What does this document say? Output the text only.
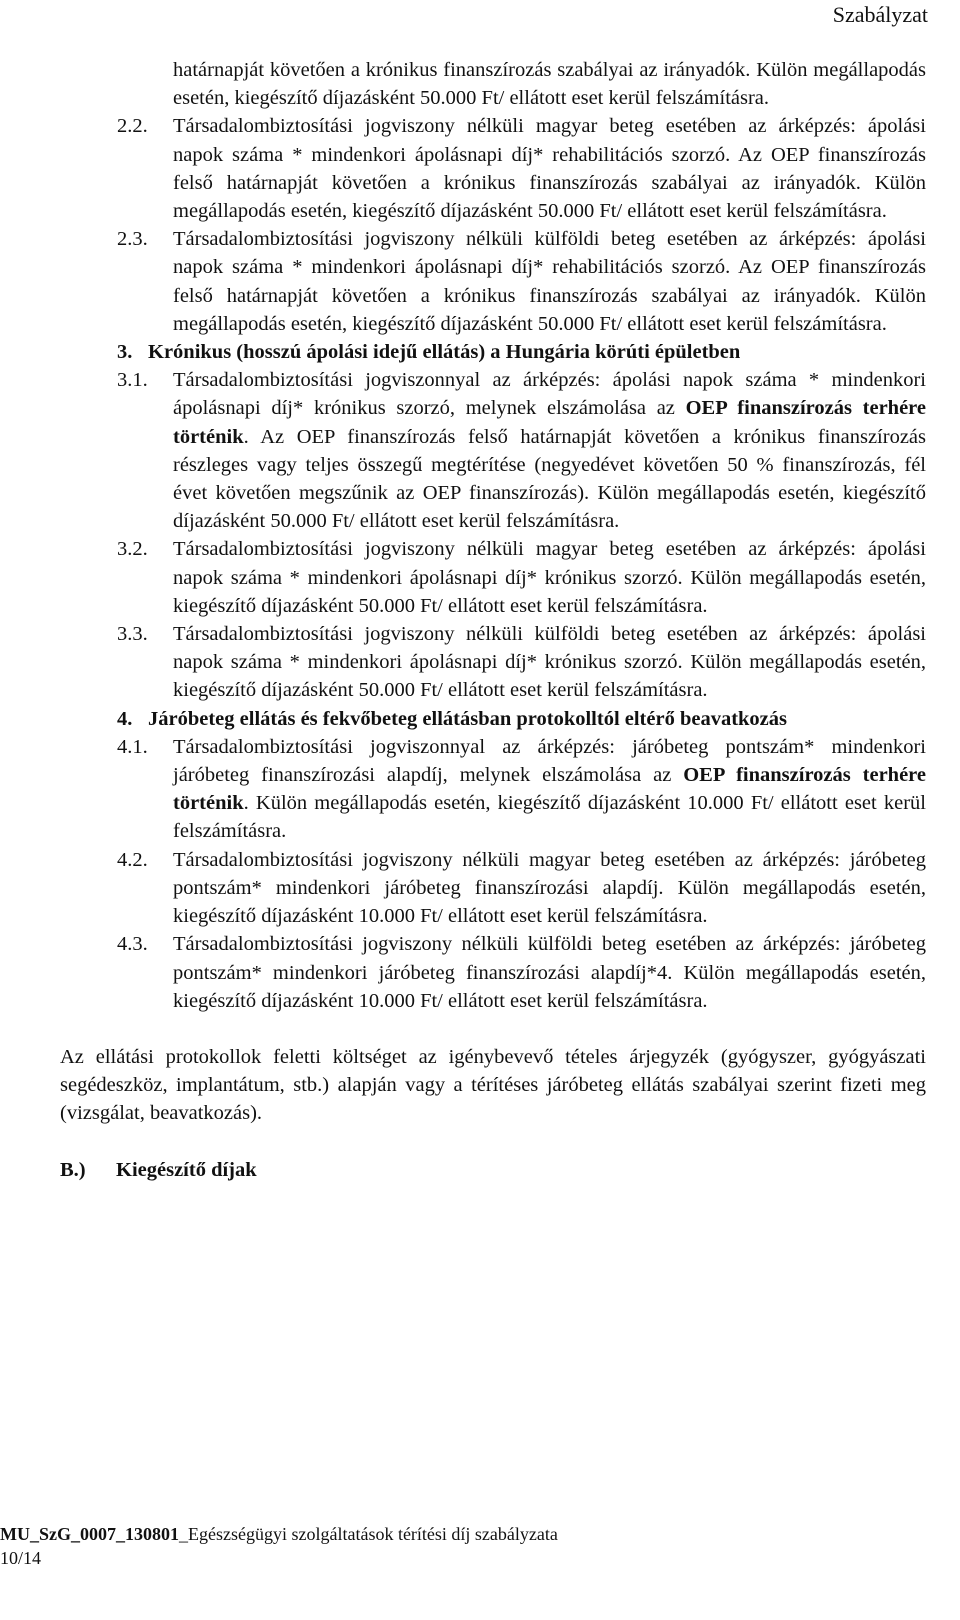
Szabályzat
határnapját követően a krónikus finanszírozás szabályai az irányadók. Külön megállapodás esetén, kiegészítő díjazásként 50.000 Ft/ ellátott eset kerül felszámításra.
2.2. Társadalombiztosítási jogviszony nélküli magyar beteg esetében az árképzés: ápolási napok száma * mindenkori ápolásnapi díj* rehabilitációs szorzó. Az OEP finanszírozás felső határnapját követően a krónikus finanszírozás szabályai az irányadók. Külön megállapodás esetén, kiegészítő díjazásként 50.000 Ft/ ellátott eset kerül felszámításra.
2.3. Társadalombiztosítási jogviszony nélküli külföldi beteg esetében az árképzés: ápolási napok száma * mindenkori ápolásnapi díj* rehabilitációs szorzó. Az OEP finanszírozás felső határnapját követően a krónikus finanszírozás szabályai az irányadók. Külön megállapodás esetén, kiegészítő díjazásként 50.000 Ft/ ellátott eset kerül felszámításra.
3. Krónikus (hosszú ápolási idejű ellátás) a Hungária körúti épületben
3.1. Társadalombiztosítási jogviszonnyal az árképzés: ápolási napok száma * mindenkori ápolásnapi díj* krónikus szorzó, melynek elszámolása az OEP finanszírozás terhére történik. Az OEP finanszírozás felső határnapját követően a krónikus finanszírozás részleges vagy teljes összegű megtérítése (negyedévet követően 50 % finanszírozás, fél évet követően megszűnik az OEP finanszírozás). Külön megállapodás esetén, kiegészítő díjazásként 50.000 Ft/ ellátott eset kerül felszámításra.
3.2. Társadalombiztosítási jogviszony nélküli magyar beteg esetében az árképzés: ápolási napok száma * mindenkori ápolásnapi díj* krónikus szorzó. Külön megállapodás esetén, kiegészítő díjazásként 50.000 Ft/ ellátott eset kerül felszámításra.
3.3. Társadalombiztosítási jogviszony nélküli külföldi beteg esetében az árképzés: ápolási napok száma * mindenkori ápolásnapi díj* krónikus szorzó. Külön megállapodás esetén, kiegészítő díjazásként 50.000 Ft/ ellátott eset kerül felszámításra.
4. Járóbeteg ellátás és fekvőbeteg ellátásban protokolltól eltérő beavatkozás
4.1. Társadalombiztosítási jogviszonnyal az árképzés: járóbeteg pontszám* mindenkori járóbeteg finanszírozási alapdíj, melynek elszámolása az OEP finanszírozás terhére történik. Külön megállapodás esetén, kiegészítő díjazásként 10.000 Ft/ ellátott eset kerül felszámításra.
4.2. Társadalombiztosítási jogviszony nélküli magyar beteg esetében az árképzés: járóbeteg pontszám* mindenkori járóbeteg finanszírozási alapdíj. Külön megállapodás esetén, kiegészítő díjazásként 10.000 Ft/ ellátott eset kerül felszámításra.
4.3. Társadalombiztosítási jogviszony nélküli külföldi beteg esetében az árképzés: járóbeteg pontszám* mindenkori járóbeteg finanszírozási alapdíj*4. Külön megállapodás esetén, kiegészítő díjazásként 10.000 Ft/ ellátott eset kerül felszámításra.
Az ellátási protokollok feletti költséget az igénybevevő tételes árjegyzék (gyógyszer, gyógyászati segédeszköz, implantátum, stb.) alapján vagy a térítéses járóbeteg ellátás szabályai szerint fizeti meg (vizsgálat, beavatkozás).
B.) Kiegészítő díjak
MU_SzG_0007_130801_Egészségügyi szolgáltatások térítési díj szabályzata
10/14
